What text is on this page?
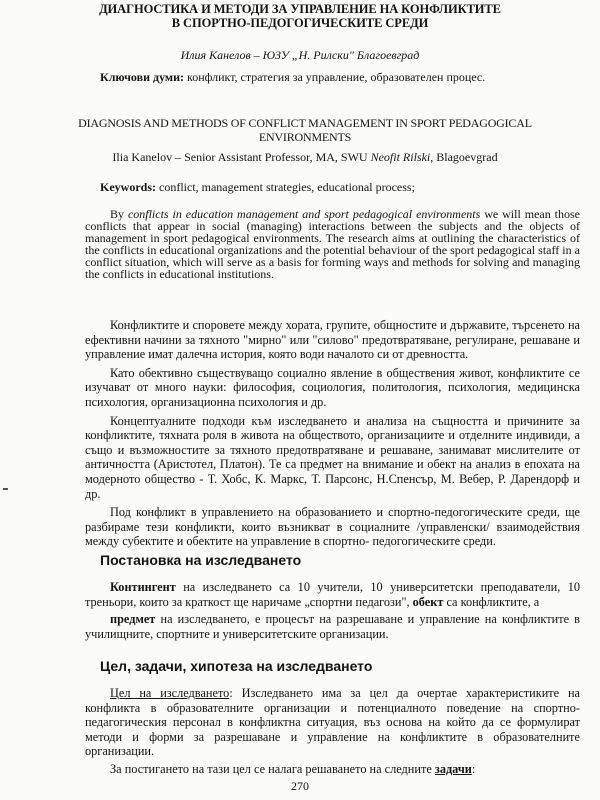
ДИАГНОСТИКА И МЕТОДИ ЗА УПРАВЛЕНИЕ НА КОНФЛИКТИТЕ
В СПОРТНО-ПЕДОГОГИЧЕСКИТЕ СРЕДИ
Илия Канелов – ЮЗУ „Н. Рилски" Благоевград
Ключови думи: конфликт, стратегия за управление, образователен процес.
DIAGNOSIS AND METHODS OF CONFLICT MANAGEMENT IN SPORT PEDAGOGICAL
ENVIRONMENTS
Ilia Kanelov – Senior Assistant Professor, MA, SWU Neofit Rilski, Blagoevgrad
Keywords: conflict, management strategies, educational process;

By conflicts in education management and sport pedagogical environments we will mean those conflicts that appear in social (managing) interactions between the subjects and the objects of management in sport pedagogical environments. The research aims at outlining the characteristics of the conflicts in educational organizations and the potential behaviour of the sport pedagogical staff in a conflict situation, which will serve as a basis for forming ways and methods for solving and managing the conflicts in educational institutions.

Конфликтите и споровете между хората, групите, общностите и държавите, търсенето на ефективни начини за тяхното "мирно" или "силово" предотвратяване, регулиране, решаване и управление имат далечна история, която води началото си от древността.

Като обективно съществуващо социално явление в обществения живот, конфликтите се изучават от много науки: философия, социология, политология, психология, медицинска психология, организационна психология и др.

Концептуалните подходи към изследването и анализа на същността и причините за конфликтите, тяхната роля в живота на обществото, организациите и отделните индивиди, а също и възможностите за тяхното предотвратяване и решаване, занимават мислителите от античността (Аристотел, Платон). Те са предмет на внимание и обект на анализ в епохата на модерното общество - Т. Хобс, К. Маркс, Т. Парсонс, Н.Спенсър, М. Вебер, Р. Дарендорф и др.

Под конфликт в управлението на образованието и спортно-педогогическите среди, ще разбираме тези конфликти, които възникват в социалните /управленски/ взаимодействия между субектите и обектите на управление в спортно- педогогическите среди.

Постановка на изследването

Контингент на изследването са 10 учители, 10 университетски преподаватели, 10 треньори, които за краткост ще наричаме „спортни педагози", обект са конфликтите, а

предмет на изследването, е процесът на разрешаване и управление на конфликтите в училищните, спортните и университетските организации.

Цел, задачи, хипотеза на изследването

Цел на изследването: Изследването има за цел да очертае характеристиките на конфликта в образователните организации и потенциалното поведение на спортно-педагогическия персонал в конфликтна ситуация, въз основа на който да се формулират методи и форми за разрешаване и управление на конфликтите в образователните организации.

За постигането на тази цел се налага решаването на следните задачи:

270
